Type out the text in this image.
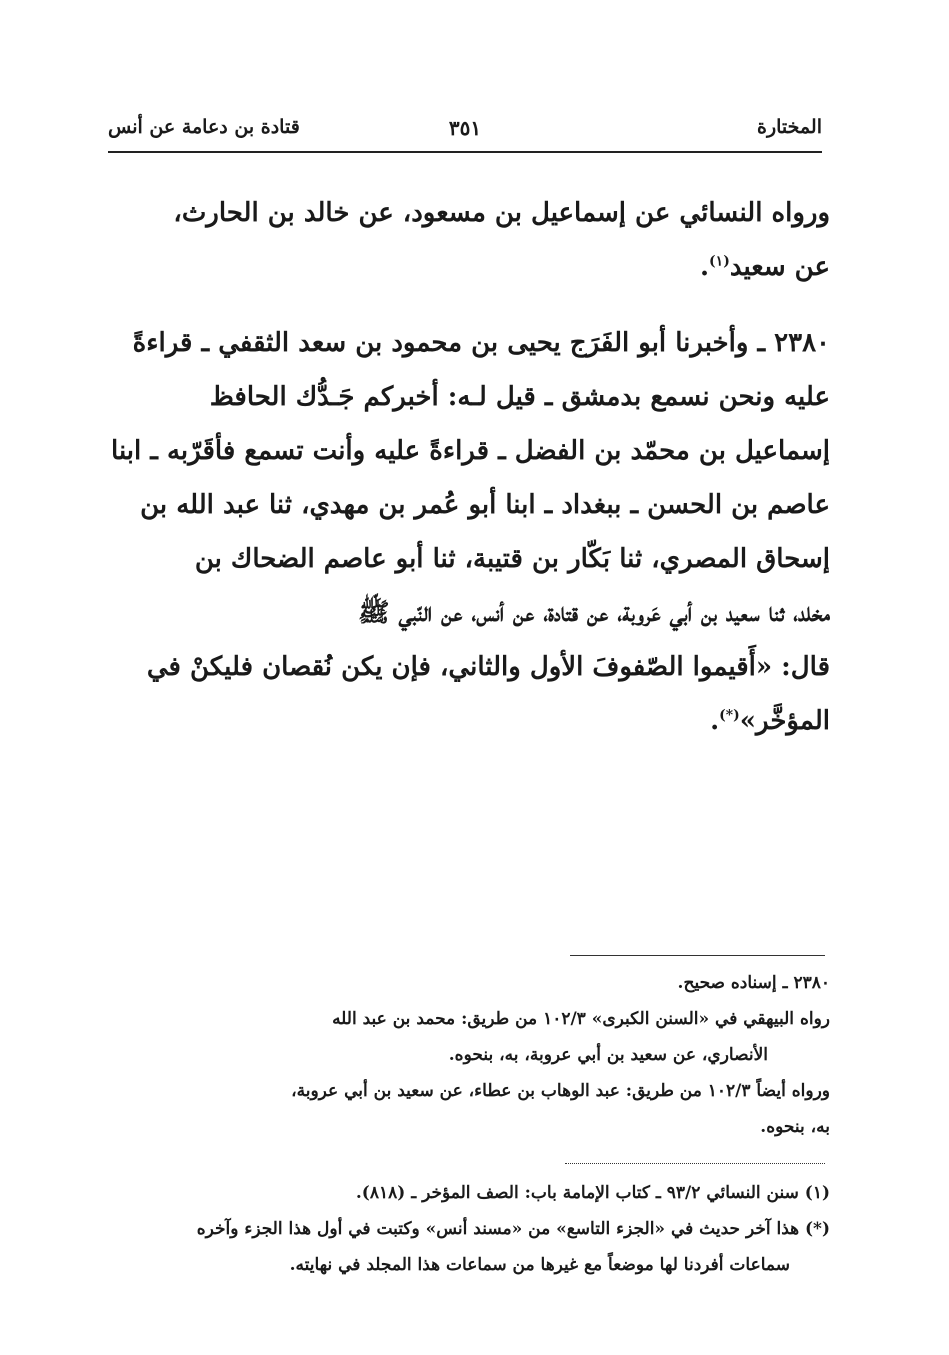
المختارة
٣٥١
قتادة بن دعامة عن أنس

ورواه النسائي عن إسماعيل بن مسعود، عن خالد بن الحارث،
عن سعيد$^{(١)}$.

٢٣٨٠ ـ وأخبرنا أبو الفَرَج يحيى بن محمود بن سعد الثقفي ـ قراءةً
عليه ونحن نسمع بدمشق ـ قيل لـه: أخبركم جَـدُّك الحافظ
إسماعيل بن محمّد بن الفضل ـ قراءةً عليه وأنت تسمع فأقَرّبه ـ ابنا
عاصم بن الحسن ـ ببغداد ـ ابنا أبو عُمر بن مهدي، ثنا عبد الله بن
إسحاق المصري، ثنا بَكّار بن قتيبة، ثنا أبو عاصم الضحاك بن
مخلد، ثنا سعيد بن أبي عَروبة، عن قتادة، عن أنس، عن النّبي ﷺ
قال: «أَقيموا الصّفوفَ الأول والثاني، فإن يكن نُقصان فليكنْ في
المؤخَّر»(*).

٢٣٨٠ ـ إسناده صحيح.

رواه البيهقي في «السنن الكبرى» ١٠٢/٣ من طريق: محمد بن عبد الله

الأنصاري، عن سعيد بن أبي عروبة، به، بنحوه.

ورواه أيضاً ١٠٢/٣ من طريق: عبد الوهاب بن عطاء، عن سعيد بن أبي عروبة،

به، بنحوه.

(١) سنن النسائي ٩٣/٢ ـ كتاب الإمامة باب: الصف المؤخر ـ (٨١٨).

(*) هذا آخر حديث في «الجزء التاسع» من «مسند أنس» وكتبت في أول هذا الجزء وآخره

سماعات أفردنا لها موضعاً مع غيرها من سماعات هذا المجلد في نهايته.
